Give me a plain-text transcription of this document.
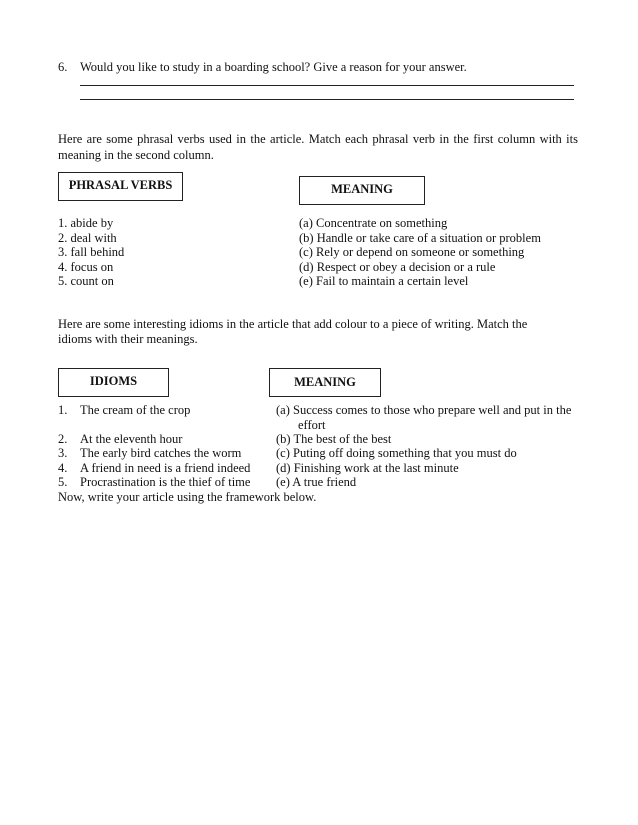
6. Would you like to study in a boarding school? Give a reason for your answer.
Here are some phrasal verbs used in the article. Match each phrasal verb in the first column with its meaning in the second column.
PHRASAL VERBS	MEANING
1. abide by
2. deal with
3. fall behind
4. focus on
5. count on
(a) Concentrate on something
(b) Handle or take care of a situation or problem
(c) Rely or depend on someone or something
(d) Respect or obey a decision or a rule
(e) Fail to maintain a certain level
Here are some interesting idioms in the article that add colour to a piece of writing. Match the
idioms with their meanings.
IDIOMS	MEANING
1. The cream of the crop
2. At the eleventh hour
3. The early bird catches the worm
4. A friend in need is a friend indeed
5. Procrastination is the thief of time
(a) Success comes to those who prepare well and put in the
effort
(b) The best of the best
(c) Puting off doing something that you must do
(d) Finishing work at the last minute
(e) A true friend
Now, write your article using the framework below.
